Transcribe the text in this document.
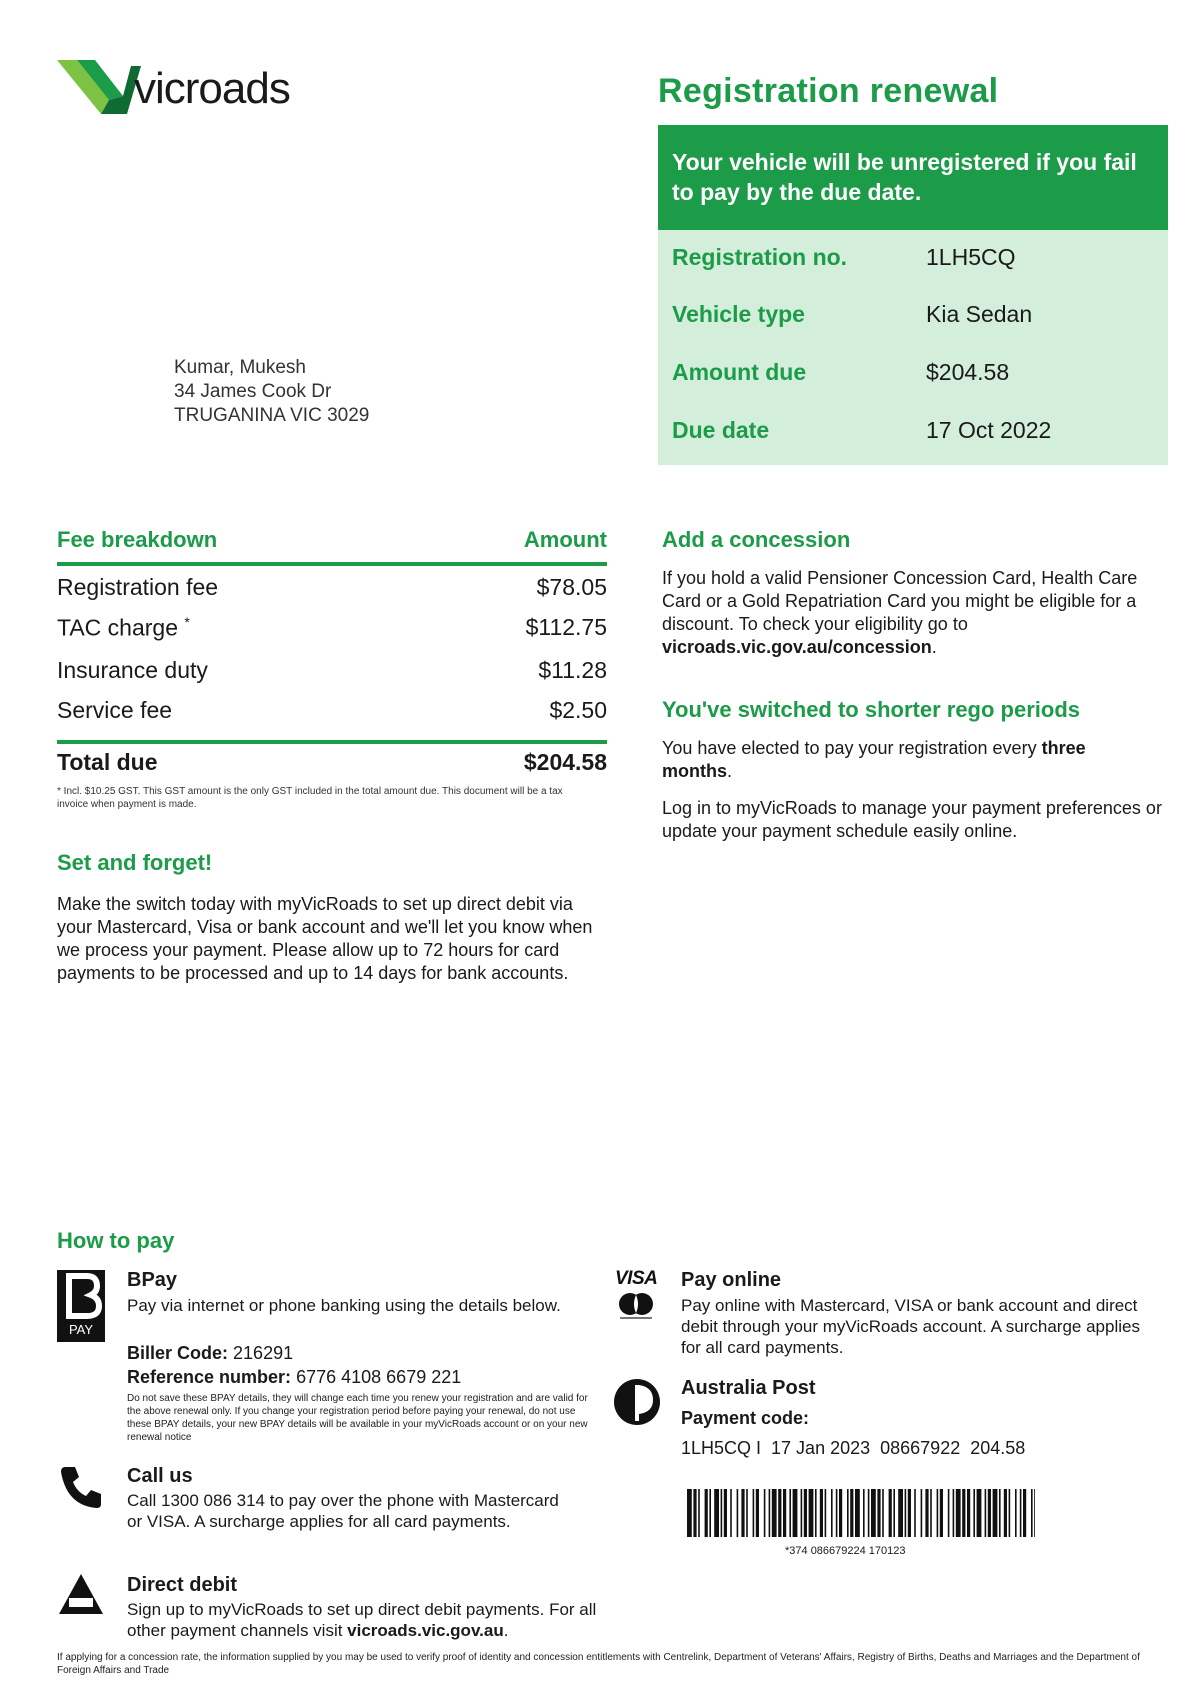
vicroads	Registration renewal
Your vehicle will be unregistered if you fail to pay by the due date.
Registration no.	1LH5CQ
Vehicle type	Kia Sedan
Amount due	$204.58
Due date	17 Oct 2022
Kumar, Mukesh
34 James Cook Dr
TRUGANINA VIC 3029
Fee breakdown	Amount
Registration fee	$78.05
TAC charge *	$112.75
Insurance duty	$11.28
Service fee	$2.50
Total due	$204.58
* Incl. $10.25 GST. This GST amount is the only GST included in the total amount due. This document will be a tax invoice when payment is made.
Set and forget!
Make the switch today with myVicRoads to set up direct debit via your Mastercard, Visa or bank account and we'll let you know when we process your payment. Please allow up to 72 hours for card payments to be processed and up to 14 days for bank accounts.
Add a concession
If you hold a valid Pensioner Concession Card, Health Care Card or a Gold Repatriation Card you might be eligible for a discount. To check your eligibility go to vicroads.vic.gov.au/concession.
You've switched to shorter rego periods
You have elected to pay your registration every three months.
Log in to myVicRoads to manage your payment preferences or update your payment schedule easily online.
How to pay
PAY
BPay
Pay via internet or phone banking using the details below.
Biller Code: 216291
Reference number: 6776 4108 6679 221
Do not save these BPAY details, they will change each time you renew your registration and are valid for the above renewal only. If you change your registration period before paying your renewal, do not use these BPAY details, your new BPAY details will be available in your myVicRoads account or on your new renewal notice
Call us
Call 1300 086 314 to pay over the phone with Mastercard or VISA. A surcharge applies for all card payments.
Direct debit
Sign up to myVicRoads to set up direct debit payments. For all other payment channels visit vicroads.vic.gov.au.
VISA Pay online
Pay online with Mastercard, VISA or bank account and direct debit through your myVicRoads account. A surcharge applies for all card payments.
Australia Post
Payment code:
1LH5CQ I  17 Jan 2023  08667922  204.58
*374 086679224 170123
If applying for a concession rate, the information supplied by you may be used to verify proof of identity and concession entitlements with Centrelink, Department of Veterans' Affairs, Registry of Births, Deaths and Marriages and the Department of Foreign Affairs and Trade
